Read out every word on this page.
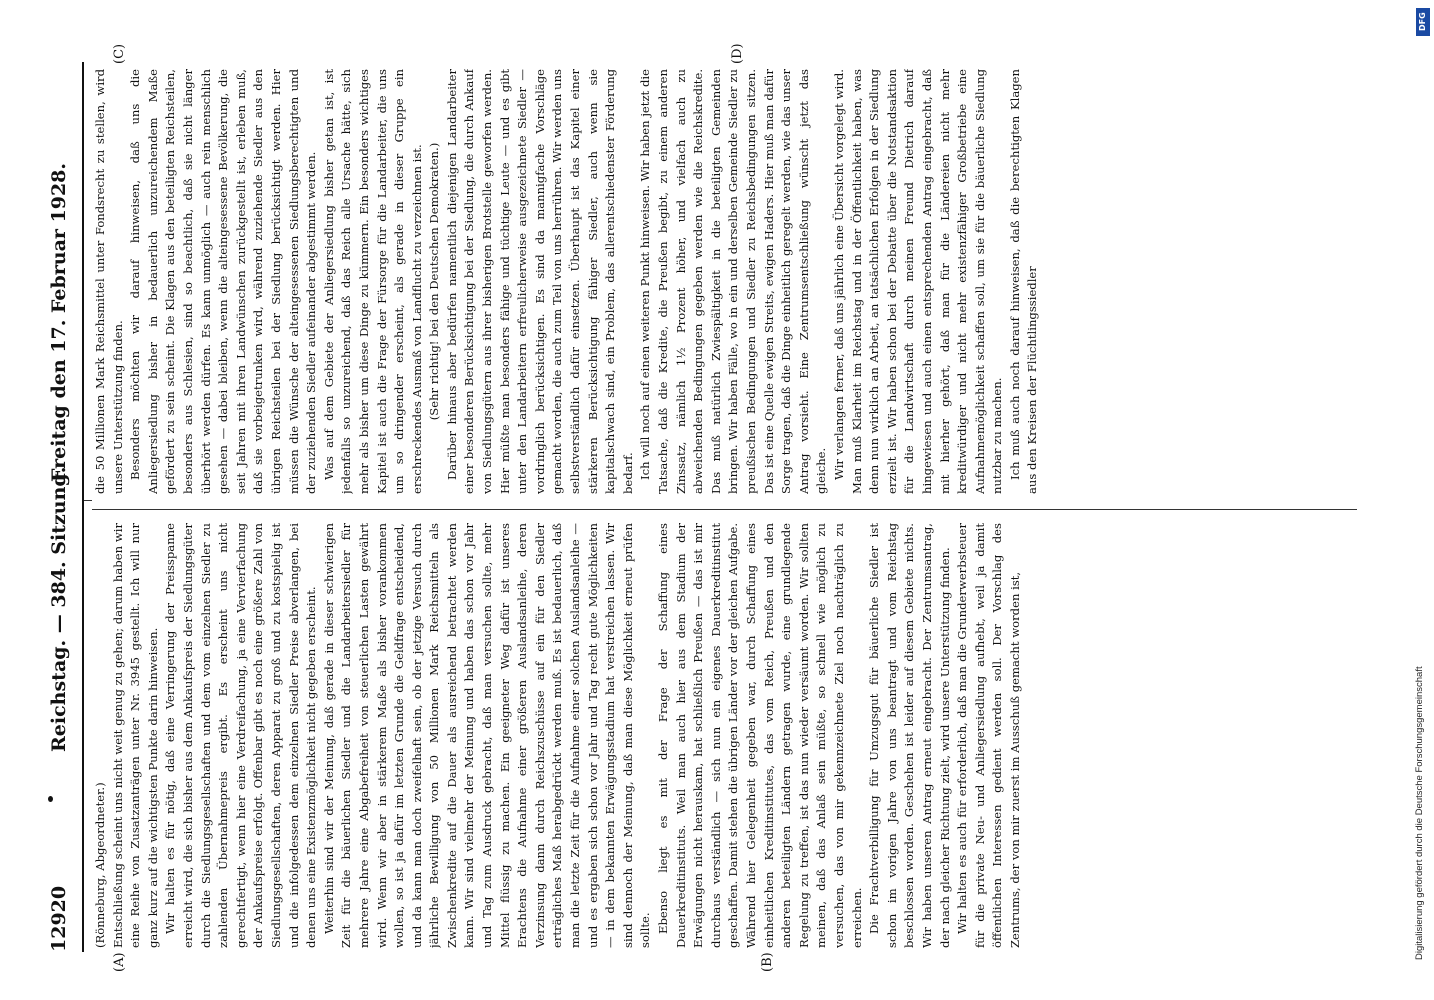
12920
Reichstag. — 384. Sitzung.
Freitag den 17. Februar 1928.

(Rönneburg, Abgeordneter.) Entschließung scheint uns nicht weit genug zu gehen; darum haben wir eine Reihe von Zusatzanträgen unter Nr. 3945 gestellt. Ich will nur ganz kurz auf die wichtigsten Punkte darin hinweisen. Wir halten es für nötig, daß eine Verringerung der Preisspanne erreicht wird, die sich bisher aus dem Ankaufspreis der Siedlungsgüter durch die Siedlungsgesellschaften und dem vom einzelnen Siedler zu zahlenden Übernahmepreis ergibt. Es erscheint uns nicht gerechtfertigt, wenn hier eine Verdreifachung, ja eine Vervierfachung der Ankaufspreise erfolgt. Offenbar gibt es noch eine größere Zahl von Siedlungsgesellschaften, deren Apparat zu groß und zu kostspielig ist und die infolgedessen dem einzelnen Siedler Preise abverlangen, bei denen uns eine Existenzmöglichkeit nicht gegeben erscheint. Weiterhin sind wir der Meinung, daß gerade in dieser schwierigen Zeit für die bäuerlichen Siedler und die Landarbeitersiedler für mehrere Jahre eine Abgabefreiheit von steuerlichen Lasten gewährt wird. Wenn wir aber in stärkerem Maße als bisher vorankommen wollen, so ist ja dafür im letzten Grunde die Geldfrage entscheidend, und da kann man doch zweifelhaft sein, ob der jetzige Versuch durch jährliche Bewilligung von 50 Millionen Mark Reichsmitteln als Zwischenkredite auf die Dauer als ausreichend betrachtet werden kann. Wir sind vielmehr der Meinung und haben das schon vor Jahr und Tag zum Ausdruck gebracht, daß man versuchen sollte, mehr Mittel flüssig zu machen. Ein geeigneter Weg dafür ist unseres Erachtens die Aufnahme einer größeren Auslandsanleihe, deren Verzinsung dann durch Reichszuschüsse auf ein für den Siedler erträgliches Maß herabgedrückt werden muß. Es ist bedauerlich, daß man die letzte Zeit für die Aufnahme einer solchen Auslandsanleihe — und es ergaben sich schon vor Jahr und Tag recht gute Möglichkeiten — in dem bekannten Erwägungsstadium hat verstreichen lassen. Wir sind dennoch der Meinung, daß man diese Möglichkeit erneut prüfen sollte. Ebenso liegt es mit der Frage der Schaffung eines Dauerkreditinstituts. Weil man auch hier aus dem Stadium der Erwägungen nicht herauskam, hat schließlich Preußen — das ist mir durchaus verständlich — sich nun ein eigenes Dauerkreditinstitut geschaffen. Damit stehen die übrigen Länder vor der gleichen Aufgabe. Während hier Gelegenheit gegeben war, durch Schaffung eines einheitlichen Kreditinstitutes, das vom Reich, Preußen und den anderen beteiligten Ländern getragen wurde, eine grundlegende Regelung zu treffen, ist das nun wieder versäumt worden. Wir sollten meinen, daß das Anlaß sein müßte, so schnell wie möglich zu versuchen, das von mir gekennzeichnete Ziel noch nachträglich zu erreichen. Die Frachtverbilligung für Umzugsgut für bäuerliche Siedler ist schon im vorigen Jahre von uns beantragt und vom Reichstag beschlossen worden. Geschehen ist leider auf diesem Gebiete nichts. Wir haben unseren Antrag erneut eingebracht. Der Zentrumsantrag, der nach gleicher Richtung zielt, wird unsere Unterstützung finden. Wir halten es auch für erforderlich, daß man die Grunderwerbsteuer für die private Neu- und Anliegersiedlung aufhebt, weil ja damit öffentlichen Interessen gedient werden soll. Der Vorschlag des Zentrums, der von mir zuerst im Ausschuß gemacht worden ist,

die 50 Millionen Mark Reichsmittel unter Fondsrecht zu stellen, wird unsere Unterstützung finden. Besonders möchten wir darauf hinweisen, daß uns die Anliegersiedlung bisher in bedauerlich unzureichendem Maße gefördert zu sein scheint. Die Klagen aus den beteiligten Reichsteilen, besonders aus Schlesien, sind so beachtlich, daß sie nicht länger überhört werden dürfen. Es kann unmöglich — auch rein menschlich gesehen — dabei bleiben, wenn die alteingesessene Bevölkerung, die seit Jahren mit ihren Landwünschen zurückgestellt ist, erleben muß, daß sie vorbeigetrunken wird, während zuziehende Siedler aus den übrigen Reichsteilen bei der Siedlung berücksichtigt werden. Hier müssen die Wünsche der alteingesessenen Siedlungsberechtigten und der zuziehenden Siedler aufeinander abgestimmt werden. Was auf dem Gebiete der Anliegersiedlung bisher getan ist, ist jedenfalls so unzureichend, daß das Reich alle Ursache hätte, sich mehr als bisher um diese Dinge zu kümmern. Ein besonders wichtiges Kapitel ist auch die Frage der Fürsorge für die Landarbeiter, die uns um so dringender erscheint, als gerade in dieser Gruppe ein erschreckendes Ausmaß von Landflucht zu verzeichnen ist. (Sehr richtig! bei den Deutschen Demokraten.) Darüber hinaus aber bedürfen namentlich diejenigen Landarbeiter einer besonderen Berücksichtigung bei der Siedlung, die durch Ankauf von Siedlungsgütern aus ihrer bisherigen Brotstelle geworfen werden. Hier müßte man besonders fähige und tüchtige Leute — und es gibt unter den Landarbeitern erfreulicherweise ausgezeichnete Siedler — vordringlich berücksichtigen. Es sind da mannigfache Vorschläge gemacht worden, die auch zum Teil von uns herrühren. Wir werden uns selbstverständlich dafür einsetzen. Überhaupt ist das Kapitel einer stärkeren Berücksichtigung fähiger Siedler, auch wenn sie kapitalschwach sind, ein Problem, das allerentschiedenster Förderung bedarf. Ich will noch auf einen weiteren Punkt hinweisen. Wir haben jetzt die Tatsache, daß die Kredite, die Preußen begibt, zu einem anderen Zinssatz, nämlich 1½ Prozent höher, und vielfach auch zu abweichenden Bedingungen gegeben werden wie die Reichskredite. Das muß natürlich Zwiespältigkeit in die beteiligten Gemeinden bringen. Wir haben Fälle, wo in ein und derselben Gemeinde Siedler zu preußischen Bedingungen und Siedler zu Reichsbedingungen sitzen. Das ist eine Quelle ewigen Streits, ewigen Haders. Hier muß man dafür Sorge tragen, daß die Dinge einheitlich geregelt werden, wie das unser Antrag vorsieht. Eine Zentrumsentschließung wünscht jetzt das gleiche. Wir verlangen ferner, daß uns jährlich eine Übersicht vorgelegt wird. Man muß Klarheit im Reichstag und in der Öffentlichkeit haben, was denn nun wirklich an Arbeit, an tatsächlichen Erfolgen in der Siedlung erzielt ist. Wir haben schon bei der Debatte über die Notstandsaktion für die Landwirtschaft durch meinen Freund Dietrich darauf hingewiesen und auch einen entsprechenden Antrag eingebracht, daß mit hierher gehört, daß man für die Ländereien nicht mehr kreditwürdiger und nicht mehr existenzfähiger Großbetriebe eine Aufnahmemöglichkeit schaffen soll, um sie für die bäuerliche Siedlung nutzbar zu machen. Ich muß auch noch darauf hinweisen, daß die berechtigten Klagen aus den Kreisen der Flüchtlingssiedler

(A)	(B)
(C)	(D)
DFG
Digitalisierung gefördert durch die Deutsche Forschungsgemeinschaft
